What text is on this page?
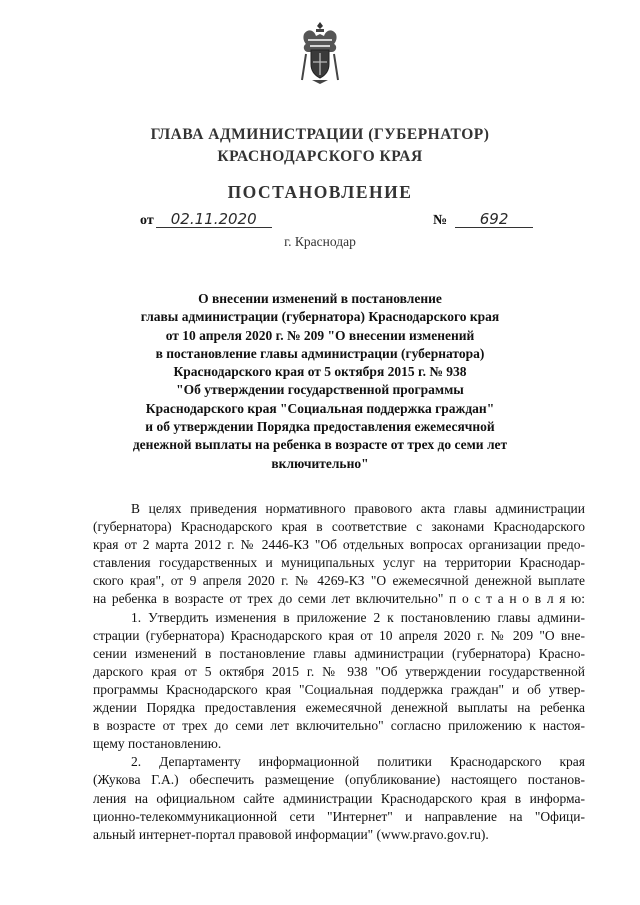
ГЛАВА АДМИНИСТРАЦИИ (ГУБЕРНАТОР)
КРАСНОДАРСКОГО КРАЯ
ПОСТАНОВЛЕНИЕ
от 02.11.2020	№ 692
г. Краснодар
О внесении изменений в постановление
главы администрации (губернатора) Краснодарского края
от 10 апреля 2020 г. № 209 "О внесении изменений
в постановление главы администрации (губернатора)
Краснодарского края от 5 октября 2015 г. № 938
"Об утверждении государственной программы
Краснодарского края "Социальная поддержка граждан"
и об утверждении Порядка предоставления ежемесячной
денежной выплаты на ребенка в возрасте от трех до семи лет
включительно"
В целях приведения нормативного правового акта главы администрации
(губернатора) Краснодарского края в соответствие с законами Краснодарского
края от 2 марта 2012 г. № 2446-КЗ "Об отдельных вопросах организации предо-
ставления государственных и муниципальных услуг на территории Краснодар-
ского края", от 9 апреля 2020 г. № 4269-КЗ "О ежемесячной денежной выплате
на ребенка в возрасте от трех до семи лет включительно" п о с т а н о в л я ю:
1. Утвердить изменения в приложение 2 к постановлению главы админи-
страции (губернатора) Краснодарского края от 10 апреля 2020 г. № 209 "О вне-
сении изменений в постановление главы администрации (губернатора) Красно-
дарского края от 5 октября 2015 г. № 938 "Об утверждении государственной
программы Краснодарского края "Социальная поддержка граждан" и об утвер-
ждении Порядка предоставления ежемесячной денежной выплаты на ребенка
в возрасте от трех до семи лет включительно" согласно приложению к настоя-
щему постановлению.
2. Департаменту информационной политики Краснодарского края
(Жукова Г.А.) обеспечить размещение (опубликование) настоящего постанов-
ления на официальном сайте администрации Краснодарского края в информа-
ционно-телекоммуникационной сети "Интернет" и направление на "Офици-
альный интернет-портал правовой информации" (www.pravo.gov.ru).
